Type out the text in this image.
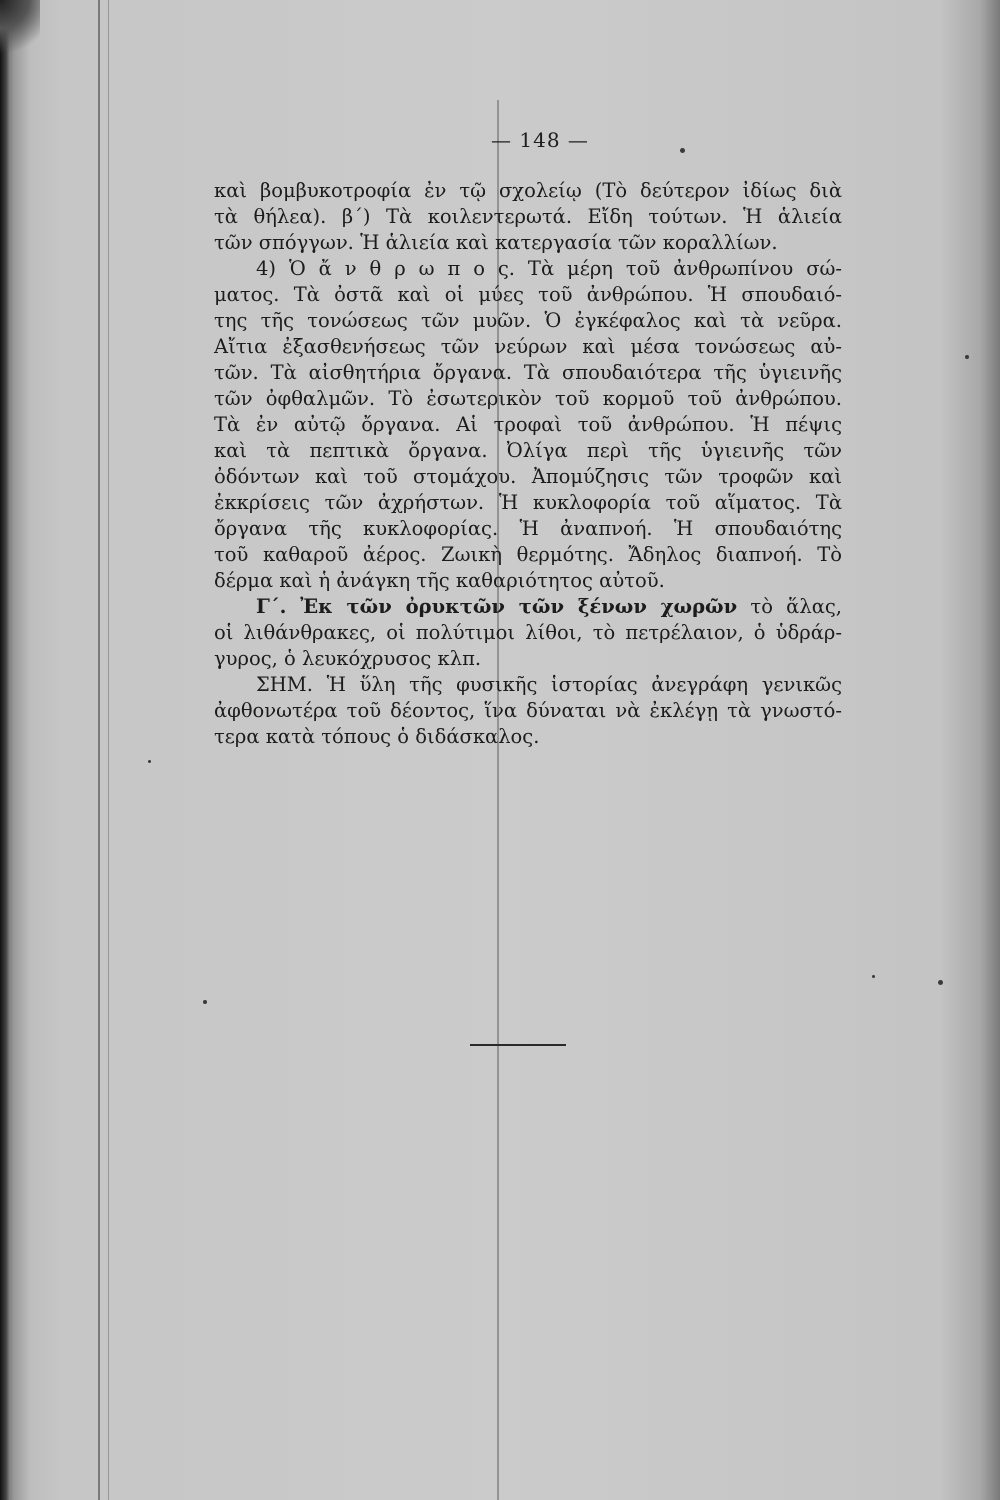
— 148 —
καὶ βομβυκοτροφία ἐν τῷ σχολείῳ (Τὸ δεύτερον ἰδίως διὰ
τὰ θήλεα). β΄) Τὰ κοιλεντερωτά. Εἴδη τούτων. Ἡ ἁλιεία
τῶν σπόγγων. Ἡ ἁλιεία καὶ κατεργασία τῶν κοραλλίων.
4) Ὁ ἄ ν θ ρ ω π ο ς. Τὰ μέρη τοῦ ἀνθρωπίνου σώ-
ματος. Τὰ ὀστᾶ καὶ οἱ μύες τοῦ ἀνθρώπου. Ἡ σπουδαιό-
της τῆς τονώσεως τῶν μυῶν. Ὁ ἐγκέφαλος καὶ τὰ νεῦρα.
Αἴτια ἐξασθενήσεως τῶν νεύρων καὶ μέσα τονώσεως αὐ-
τῶν. Τὰ αἰσθητήρια ὄργανα. Τὰ σπουδαιότερα τῆς ὑγιεινῆς
τῶν ὀφθαλμῶν. Τὸ ἐσωτερικὸν τοῦ κορμοῦ τοῦ ἀνθρώπου.
Τὰ ἐν αὐτῷ ὄργανα. Αἱ τροφαὶ τοῦ ἀνθρώπου. Ἡ πέψις
καὶ τὰ πεπτικὰ ὄργανα. Ὀλίγα περὶ τῆς ὑγιεινῆς τῶν
ὀδόντων καὶ τοῦ στομάχου. Ἀπομύζησις τῶν τροφῶν καὶ
ἐκκρίσεις τῶν ἀχρήστων. Ἡ κυκλοφορία τοῦ αἵματος. Τὰ
ὄργανα τῆς κυκλοφορίας. Ἡ ἀναπνοή. Ἡ σπουδαιότης
τοῦ καθαροῦ ἀέρος. Ζωικὴ θερμότης. Ἄδηλος διαπνοή. Τὸ
δέρμα καὶ ἡ ἀνάγκη τῆς καθαριότητος αὐτοῦ.
Γ΄. Ἐκ τῶν ὀρυκτῶν τῶν ξένων χωρῶν τὸ ἅλας,
οἱ λιθάνθρακες, οἱ πολύτιμοι λίθοι, τὸ πετρέλαιον, ὁ ὑδράρ-
γυρος, ὁ λευκόχρυσος κλπ.
ΣΗΜ. Ἡ ὕλη τῆς φυσικῆς ἱστορίας ἀνεγράφη γενικῶς
ἀφθονωτέρα τοῦ δέοντος, ἵνα δύναται νὰ ἐκλέγῃ τὰ γνωστό-
τερα κατὰ τόπους ὁ διδάσκαλος.
